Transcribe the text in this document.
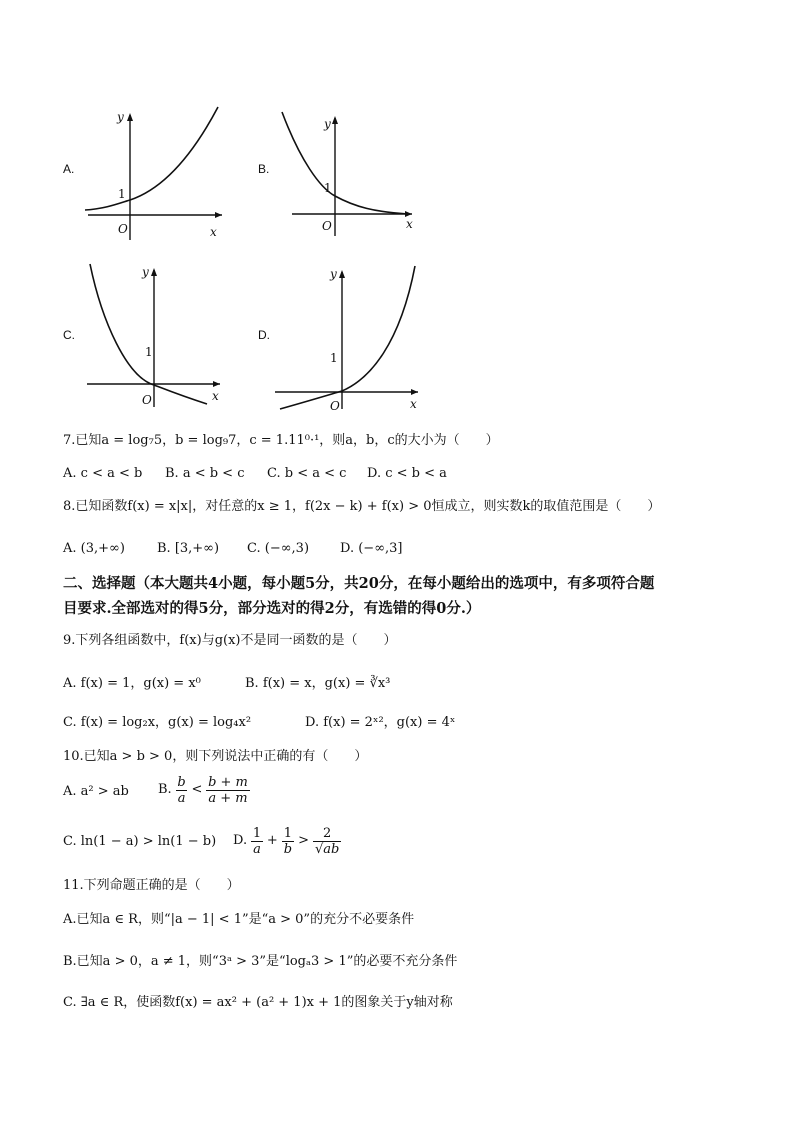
A.
y
x
O
1
B.
y
x
O
1
C.
y
x
O
1
D.
y
x
O
1
7.已知a = log₇5，b = log₉7，c = 1.11⁰·¹，则a，b，c的大小为（　　）
A. c < a < b B. a < b < c C. b < a < c D. c < b < a
8.已知函数f(x) = x|x|，对任意的x ≥ 1，f(2x − k) + f(x) > 0恒成立，则实数k的取值范围是（　　）
A. (3,+∞) B. [3,+∞) C. (−∞,3) D. (−∞,3]
二、选择题（本大题共4小题，每小题5分，共20分，在每小题给出的选项中，有多项符合题
目要求.全部选对的得5分，部分选对的得2分，有选错的得0分.）
9.下列各组函数中，f(x)与g(x)不是同一函数的是（　　）
A. f(x) = 1，g(x) = x⁰	B. f(x) = x，g(x) = ∛x³
C. f(x) = log₂x，g(x) = log₄x²	D. f(x) = 2ˣ²，g(x) = 4ˣ
10.已知a > b > 0，则下列说法中正确的有（　　）
A. a² > ab B. $\frac{b}{a} < \frac{b + m}{a + m}$
C. ln(1 − a) > ln(1 − b) D. $\frac{1}{a} + \frac{1}{b} > \frac{2}{√ab}$
11.下列命题正确的是（　　）
A.已知a ∈ R，则“|a − 1| < 1”是“a > 0”的充分不必要条件
B.已知a > 0，a ≠ 1，则“3ᵃ > 3”是“logₐ3 > 1”的必要不充分条件
C. ∃a ∈ R，使函数f(x) = ax² + (a² + 1)x + 1的图象关于y轴对称
